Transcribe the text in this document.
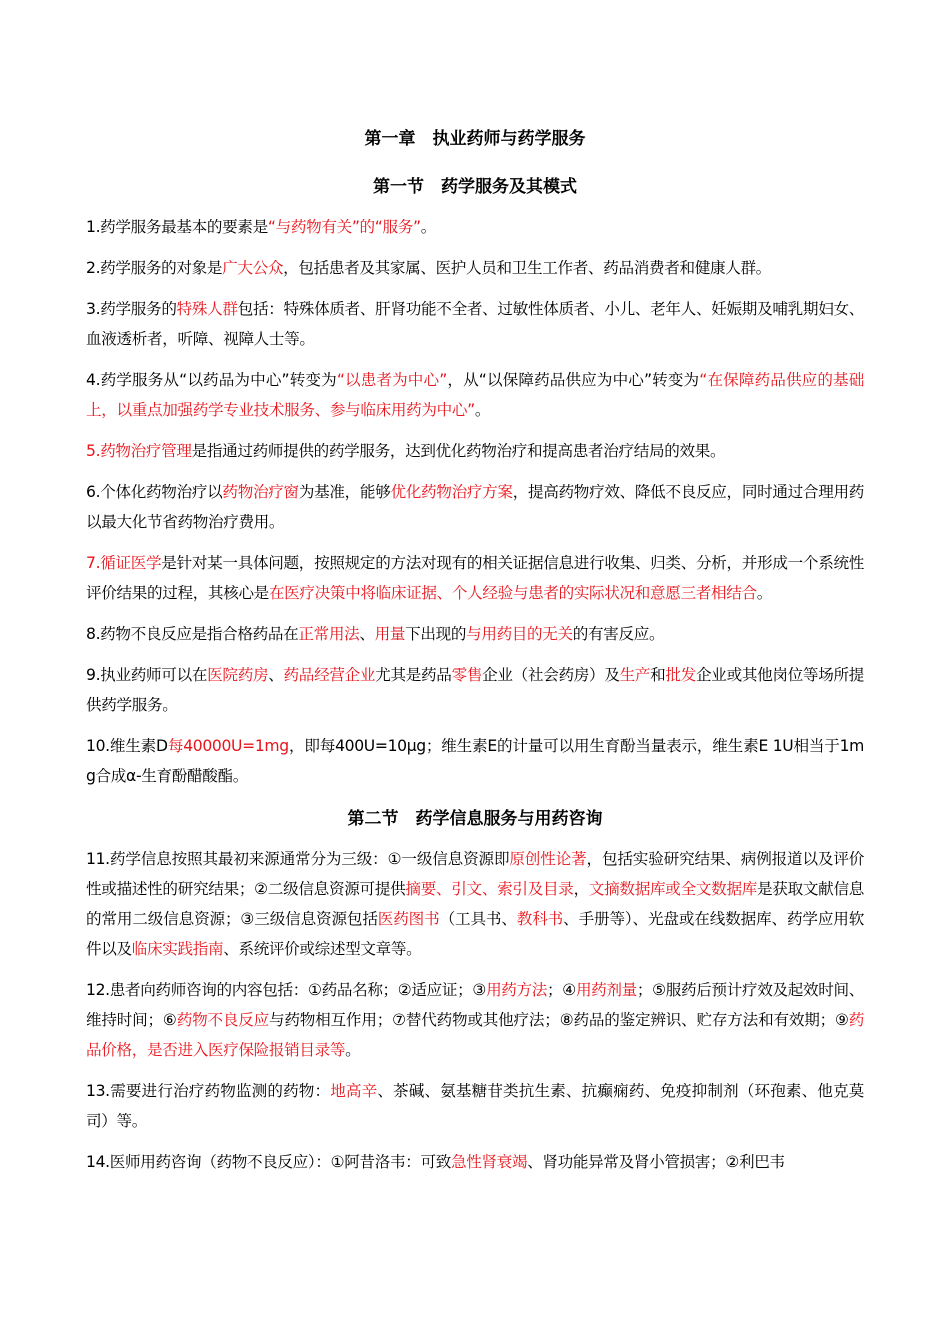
第一章　执业药师与药学服务
第一节　药学服务及其模式
1.药学服务最基本的要素是“与药物有关”的“服务”。
2.药学服务的对象是广大公众，包括患者及其家属、医护人员和卫生工作者、药品消费者和健康人群。
3.药学服务的特殊人群包括：特殊体质者、肝肾功能不全者、过敏性体质者、小儿、老年人、妊娠期及哺乳期妇女、血液透析者，听障、视障人士等。
4.药学服务从“以药品为中心”转变为“以患者为中心”，从“以保障药品供应为中心”转变为“在保障药品供应的基础上，以重点加强药学专业技术服务、参与临床用药为中心”。
5.药物治疗管理是指通过药师提供的药学服务，达到优化药物治疗和提高患者治疗结局的效果。
6.个体化药物治疗以药物治疗窗为基准，能够优化药物治疗方案，提高药物疗效、降低不良反应，同时通过合理用药以最大化节省药物治疗费用。
7.循证医学是针对某一具体问题，按照规定的方法对现有的相关证据信息进行收集、归类、分析，并形成一个系统性评价结果的过程，其核心是在医疗决策中将临床证据、个人经验与患者的实际状况和意愿三者相结合。
8.药物不良反应是指合格药品在正常用法、用量下出现的与用药目的无关的有害反应。
9.执业药师可以在医院药房、药品经营企业尤其是药品零售企业（社会药房）及生产和批发企业或其他岗位等场所提供药学服务。
10.维生素D每40000U=1mg，即每400U=10μg；维生素E的计量可以用生育酚当量表示，维生素E 1U相当于1mg合成α-生育酚醋酸酯。
第二节　药学信息服务与用药咨询
11.药学信息按照其最初来源通常分为三级：①一级信息资源即原创性论著，包括实验研究结果、病例报道以及评价性或描述性的研究结果；②二级信息资源可提供摘要、引文、索引及目录，文摘数据库或全文数据库是获取文献信息的常用二级信息资源；③三级信息资源包括医药图书（工具书、教科书、手册等）、光盘或在线数据库、药学应用软件以及临床实践指南、系统评价或综述型文章等。
12.患者向药师咨询的内容包括：①药品名称；②适应证；③用药方法；④用药剂量；⑤服药后预计疗效及起效时间、维持时间；⑥药物不良反应与药物相互作用；⑦替代药物或其他疗法；⑧药品的鉴定辨识、贮存方法和有效期；⑨药品价格，是否进入医疗保险报销目录等。
13.需要进行治疗药物监测的药物：地高辛、茶碱、氨基糖苷类抗生素、抗癫痫药、免疫抑制剂（环孢素、他克莫司）等。
14.医师用药咨询（药物不良反应）：①阿昔洛韦：可致急性肾衰竭、肾功能异常及肾小管损害；②利巴韦
